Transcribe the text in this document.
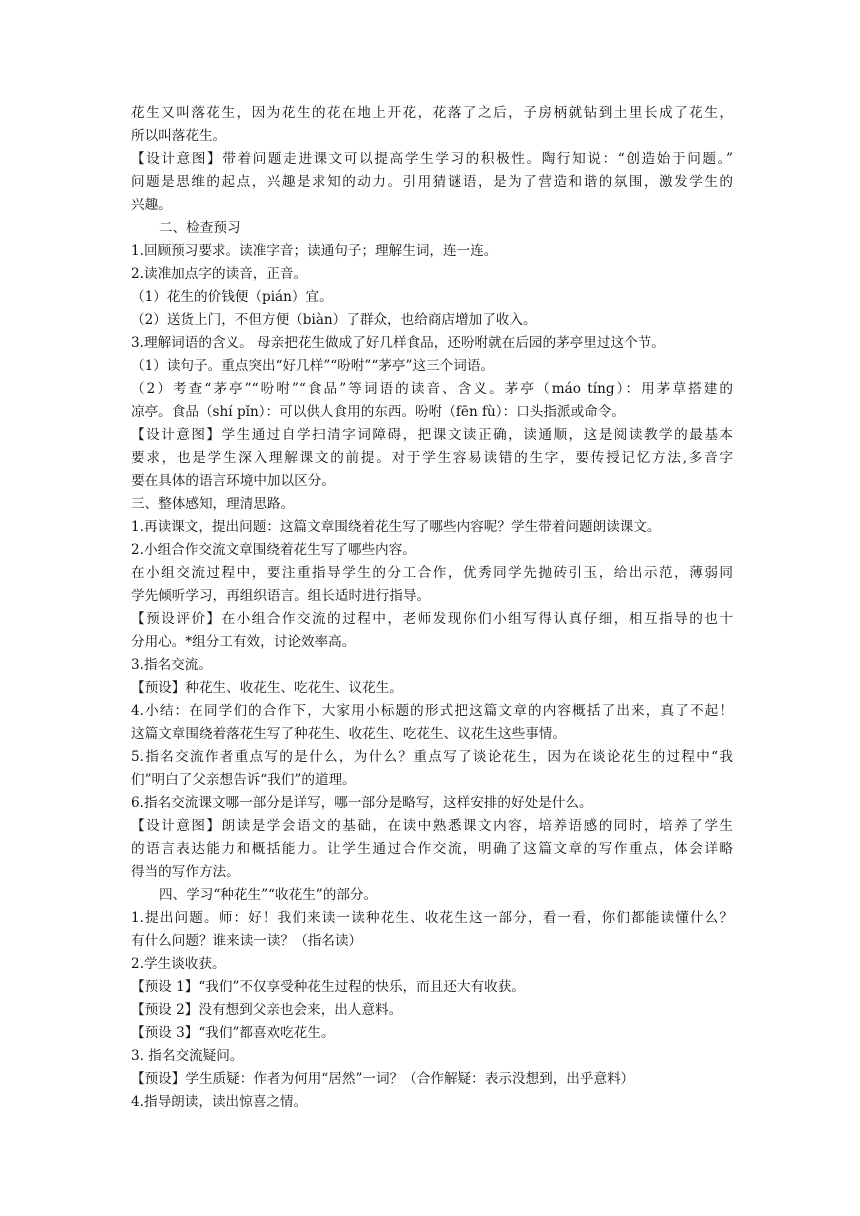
花生又叫落花生，因为花生的花在地上开花，花落了之后，子房柄就钻到土里长成了花生，

所以叫落花生。

【设计意图】带着问题走进课文可以提高学生学习的积极性。陶行知说：“创造始于问题。”

问题是思维的起点，兴趣是求知的动力。引用猜谜语，是为了营造和谐的氛围，激发学生的

兴趣。

二、检查预习

1.回顾预习要求。读准字音；读通句子；理解生词，连一连。

2.读准加点字的读音，正音。

（1）花生的价钱便（pián）宜。

（2）送货上门，不但方便（biàn）了群众，也给商店增加了收入。

3.理解词语的含义。 母亲把花生做成了好几样食品，还吩咐就在后园的茅亭里过这个节。

（1）读句子。重点突出“好几样”“吩咐”“茅亭”这三个词语。

（2）考查“茅亭”“吩咐”“食品”等词语的读音、含义。茅亭（máo tíng）：用茅草搭建的

凉亭。食品（shí pǐn）：可以供人食用的东西。吩咐（fēn fù）：口头指派或命令。

【设计意图】学生通过自学扫清字词障碍，把课文读正确，读通顺，这是阅读教学的最基本

要求，也是学生深入理解课文的前提。对于学生容易读错的生字，要传授记忆方法,多音字

要在具体的语言环境中加以区分。

三、整体感知，理清思路。

1.再读课文，提出问题：这篇文章围绕着花生写了哪些内容呢？学生带着问题朗读课文。

2.小组合作交流文章围绕着花生写了哪些内容。

在小组交流过程中，要注重指导学生的分工合作，优秀同学先抛砖引玉，给出示范，薄弱同

学先倾听学习，再组织语言。组长适时进行指导。

【预设评价】在小组合作交流的过程中，老师发现你们小组写得认真仔细，相互指导的也十

分用心。*组分工有效，讨论效率高。

3.指名交流。

【预设】种花生、收花生、吃花生、议花生。

4.小结：在同学们的合作下，大家用小标题的形式把这篇文章的内容概括了出来，真了不起！

这篇文章围绕着落花生写了种花生、收花生、吃花生、议花生这些事情。

5.指名交流作者重点写的是什么，为什么？重点写了谈论花生，因为在谈论花生的过程中“我

们”明白了父亲想告诉“我们”的道理。

6.指名交流课文哪一部分是详写，哪一部分是略写，这样安排的好处是什么。

【设计意图】朗读是学会语文的基础，在读中熟悉课文内容，培养语感的同时，培养了学生

的语言表达能力和概括能力。让学生通过合作交流，明确了这篇文章的写作重点，体会详略

得当的写作方法。

四、学习“种花生”“收花生”的部分。

1.提出问题。师：好！我们来读一读种花生、收花生这一部分，看一看，你们都能读懂什么？

有什么问题？谁来读一读？（指名读）

2.学生谈收获。

【预设 1】“我们”不仅享受种花生过程的快乐，而且还大有收获。

【预设 2】没有想到父亲也会来，出人意料。

【预设 3】“我们”都喜欢吃花生。

3. 指名交流疑问。

【预设】学生质疑：作者为何用“居然”一词？（合作解疑：表示没想到，出乎意料）

4.指导朗读，读出惊喜之情。
